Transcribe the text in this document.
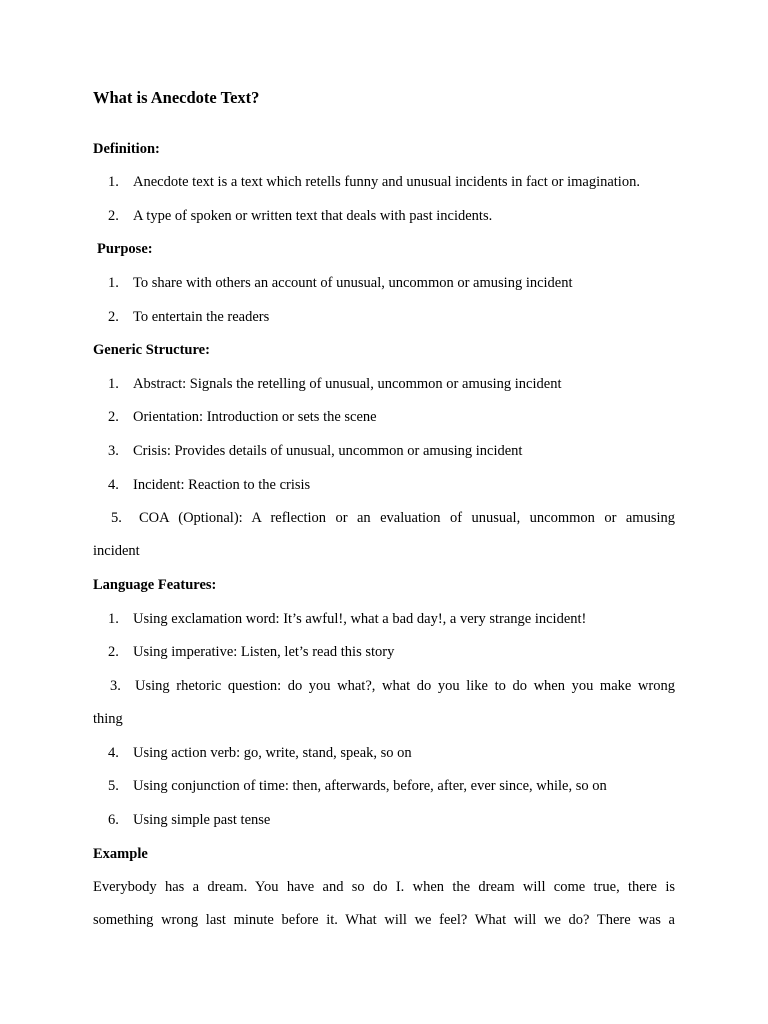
What is Anecdote Text?
Definition:
1. Anecdote text is a text which retells funny and unusual incidents in fact or imagination.
2. A type of spoken or written text that deals with past incidents.
Purpose:
1. To share with others an account of unusual, uncommon or amusing incident
2. To entertain the readers
Generic Structure:
1. Abstract: Signals the retelling of unusual, uncommon or amusing incident
2. Orientation: Introduction or sets the scene
3. Crisis: Provides details of unusual, uncommon or amusing incident
4. Incident: Reaction to the crisis
5.	COA (Optional): A reflection or an evaluation of unusual, uncommon or amusing
incident
Language Features:
1. Using exclamation word: It’s awful!, what a bad day!, a very strange incident!
2. Using imperative: Listen, let’s read this story
3. Using rhetoric question: do you what?, what do you like to do when you make wrong
thing
4. Using action verb: go, write, stand, speak, so on
5. Using conjunction of time: then, afterwards, before, after, ever since, while, so on
6. Using simple past tense
Example
Everybody has a dream. You have and so do I. when the dream will come true, there is
something wrong last minute before it. What will we feel? What will we do? There was a
